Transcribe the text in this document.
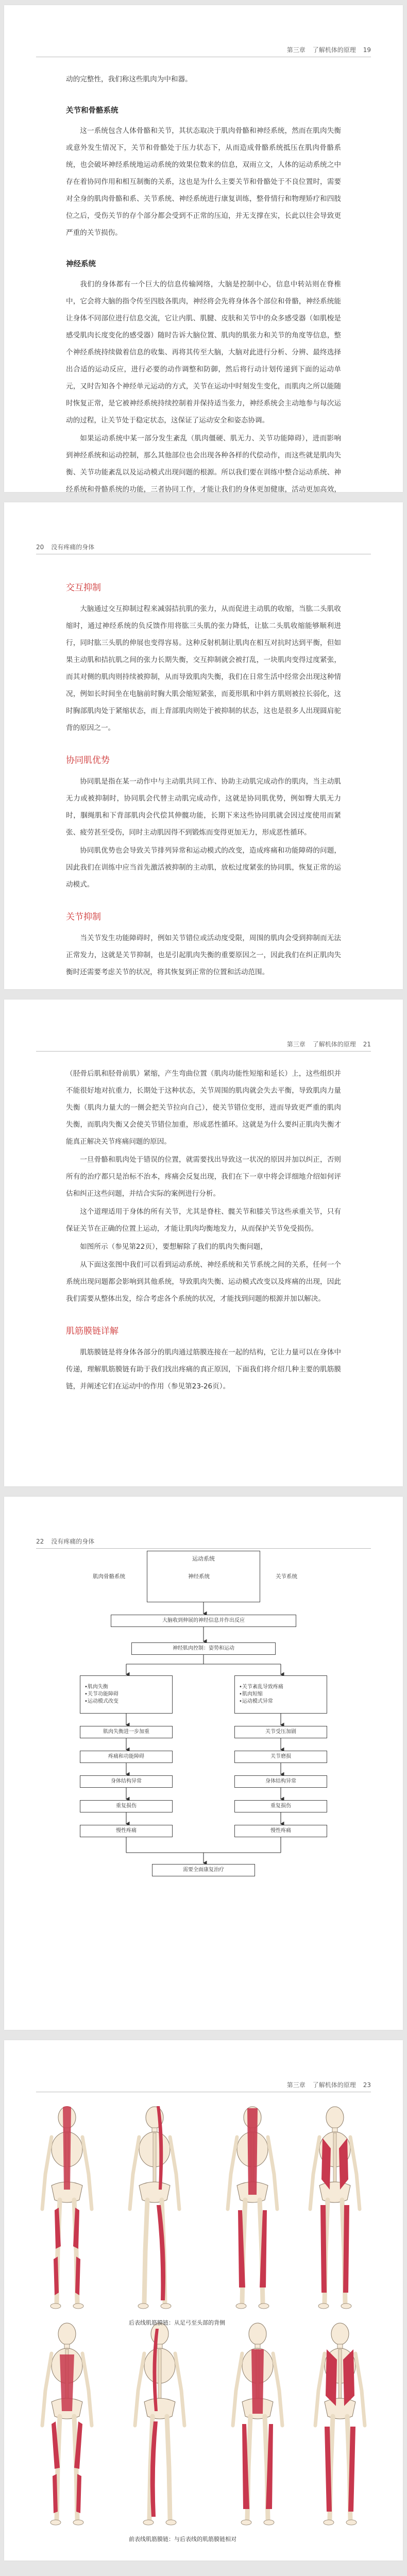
第三章 了解机体的原理 19

动的完整性，我们称这些肌肉为中和器。

关节和骨骼系统

这一系统包含人体骨骼和关节，其状态取决于肌肉骨骼和神经系统，然而在肌肉失衡或意外发生情况下，关节和骨骼处于压力状态下，从而造成骨骼系统抵压在肌肉骨骼系统，也会破坏神经系统地运动系统的效果位数来的信息，双雨立文，人体的运动系统之中存在着协同作用和相互制衡的关系，这也是为什么主要关节和骨骼处于不良位置时，需要对全身的肌肉骨骼和系、关节系统、神经系统进行康复训练，整骨情行和物理矫疗和四肢位之后，受伤关节的存个部分都会受到不正常的压迫，并无支撑在实，长此以往会导致更严重的关节损伤。

神经系统

我们的身体都有一个巨大的信息传输网络，大脑是控制中心，信息中转站则在脊椎中，它会将大脑的指令传至四肢各肌肉，神经将会先将身体各个部位和骨骼，神经系统能让身体不同部位进行信息交流，它让内肌、肌腱、皮肤和关节中的众多感受器（如肌梭是感受肌肉长度变化的感受器）随时告诉大脑位置、肌肉的肌张力和关节的角度等信息，整个神经系统持续做着信息的收集、再将其传至大脑，大脑对此进行分析、分辨、最终选择出合适的运动反应，进行必要的动作调整和防御，然后将行动计划传递到下面的运动单元，又时告知各个神经单元运动的方式，关节在运动中时刻发生变化，而肌肉之所以能随时恢复正常，是它被神经系统持续控制着并保持适当张力，神经系统会主动地参与每次运动的过程，让关节处于稳定状态，这保证了运动安全和姿态协调。

如果运动系统中某一部分发生紊乱（肌肉僵硬、肌无力、关节功能障碍），进而影响到神经系统和运动控制，那么其他部位也会出现各种各样的代偿动作，而这些就是肌肉失衡、关节功能紊乱以及运动模式出现问题的根源。所以我们要在训练中整合运动系统、神经系统和骨骼系统的功能，三者协同工作，才能让我们的身体更加健康，活动更加高效，

20 没有疼痛的身体
交互抑制

大脑通过交互抑制过程来减弱拮抗肌的张力，从而促进主动肌的收缩，当肱二头肌收缩时，通过神经系统的负反馈作用将肱三头肌的张力降低，让肱二头肌收缩能够顺利进行，同时肱三头肌的伸展也变得容易。这种反射机制让肌肉在相互对抗时达到平衡，但如果主动肌和拮抗肌之间的张力长期失衡，交互抑制就会被打乱，一块肌肉变得过度紧张，而其对侧的肌肉则持续被抑制，从而导致肌肉失衡，我们在日常生活中经常会出现这种情况，例如长时间坐在电脑前时胸大肌会缩短紧张，而菱形肌和中斜方肌则被拉长弱化，这时胸部肌肉处于紧缩状态，而上背部肌肉则处于被抑制的状态，这也是很多人出现圆肩驼背的原因之一。

协同肌优势

协同肌是指在某一动作中与主动肌共同工作、协助主动肌完成动作的肌肉，当主动肌无力或被抑制时，协同肌会代替主动肌完成动作，这就是协同肌优势，例如臀大肌无力时，腘绳肌和下背部肌肉会代偿其伸髋功能，长期下来这些协同肌就会因过度使用而紧张、疲劳甚至受伤，同时主动肌因得不到锻炼而变得更加无力，形成恶性循环。

协同肌优势也会导致关节排列异常和运动模式的改变，造成疼痛和功能障碍的问题，因此我们在训练中应当首先激活被抑制的主动肌，放松过度紧张的协同肌，恢复正常的运动模式。

关节抑制

当关节发生功能障碍时，例如关节错位或活动度受限，周围的肌肉会受到抑制而无法正常发力，这就是关节抑制，也是引起肌肉失衡的重要原因之一，因此我们在纠正肌肉失衡时还需要考虑关节的状况，将其恢复到正常的位置和活动范围。

第三章 了解机体的原理 21

（胫骨后肌和胫骨前肌）紧缩，产生弯曲位置（肌肉功能性短缩和延长）上，这些组织并不能很好地对抗重力，长期处于这种状态，关节周围的肌肉就会失去平衡，导致肌肉力量失衡（肌肉力量大的一侧会把关节拉向自己），使关节错位变形，进而导致更严重的肌肉失衡，而肌肉失衡又会使关节错位加重，形成恶性循环。这就是为什么要纠正肌肉失衡才能真正解决关节疼痛问题的原因。

一旦骨骼和肌肉处于错误的位置，就需要找出导致这一状况的原因并加以纠正，否则所有的治疗都只是治标不治本，疼痛会反复出现，我们在下一章中将会详细地介绍如何评估和纠正这些问题，并结合实际的案例进行分析。

这个道理适用于身体的所有关节，尤其是脊柱、髋关节和膝关节这些承重关节，只有保证关节在正确的位置上运动，才能让肌肉均衡地发力，从而保护关节免受损伤。

如图所示（参见第22页），要想解除了我们的肌肉失衡问题，

从下面这张图中我们可以看到运动系统、神经系统和关节系统之间的关系，任何一个系统出现问题都会影响到其他系统，导致肌肉失衡、运动模式改变以及疼痛的出现，因此我们需要从整体出发，综合考虑各个系统的状况，才能找到问题的根源并加以解决。

肌筋膜链详解

肌筋膜链是将身体各部分的肌肉通过筋膜连接在一起的结构，它让力量可以在身体中传递，理解肌筋膜链有助于我们找出疼痛的真正原因，下面我们将介绍几种主要的肌筋膜链，并阐述它们在运动中的作用（参见第23-26页）。

22 没有疼痛的身体
运动系统
肌肉骨骼系统	神经系统	关节系统
大脑收到伸展的神经信息并作出反应
神经肌肉控制：姿势和运动
•肌肉失衡
•关节功能障碍
•运动模式改变
•关节紊乱导致疼痛
•肌肉短缩
•运动模式异常
肌肉失衡进一步加重
疼痛和功能障碍
身体结构异常
重复损伤
慢性疼痛
关节受压加剧
关节磨损
身体结构异常
重复损伤
慢性疼痛
需要全面康复治疗
第三章 了解机体的原理 23
后表线肌筋膜链：从足弓至头部的背侧
前表线肌筋膜链：与后表线的肌筋膜链相对
